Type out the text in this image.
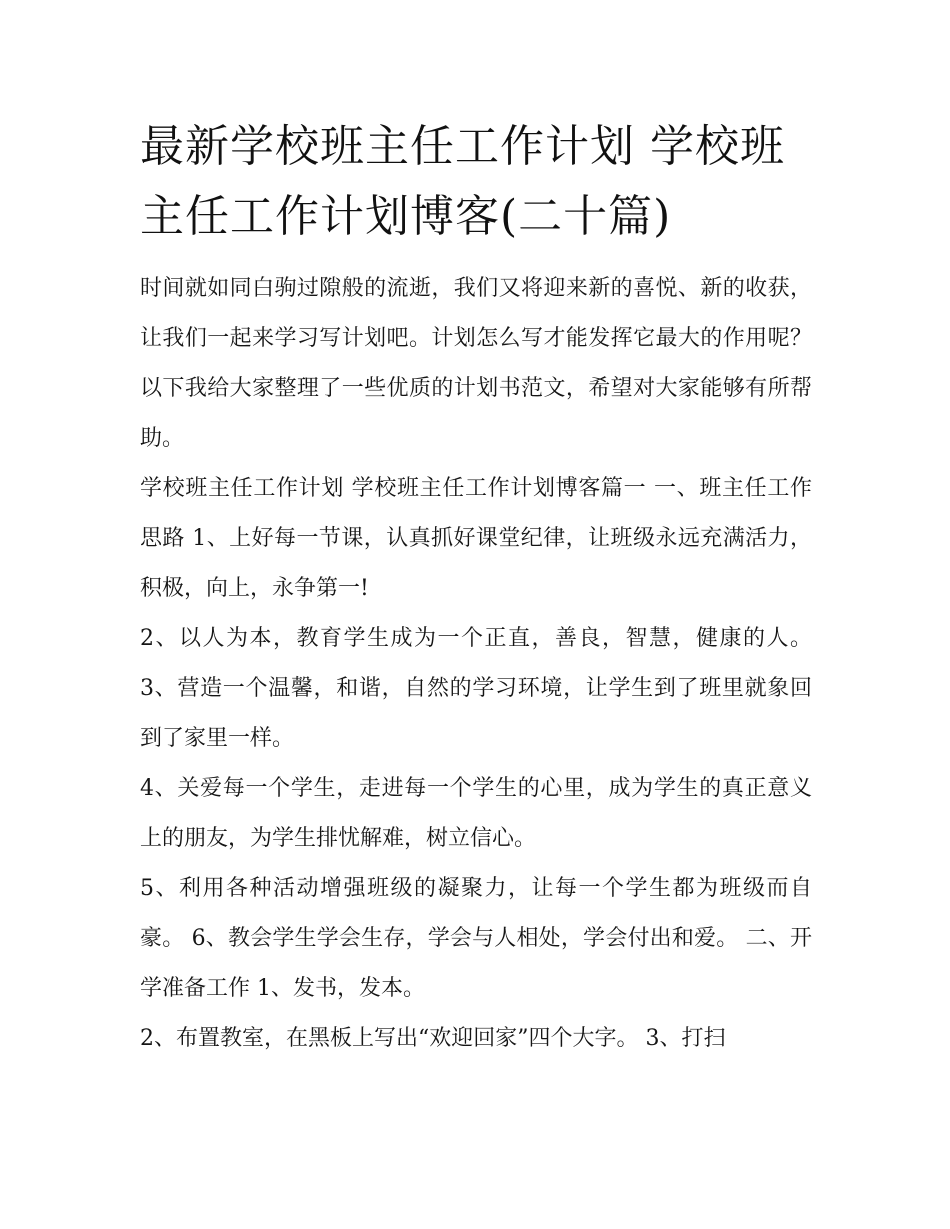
最新学校班主任工作计划 学校班主任工作计划博客(二十篇)

时间就如同白驹过隙般的流逝，我们又将迎来新的喜悦、新的收获，让我们一起来学习写计划吧。计划怎么写才能发挥它最大的作用呢？以下我给大家整理了一些优质的计划书范文，希望对大家能够有所帮助。

学校班主任工作计划 学校班主任工作计划博客篇一 一、班主任工作思路 1、上好每一节课，认真抓好课堂纪律，让班级永远充满活力，积极，向上，永争第一!

2、以人为本，教育学生成为一个正直，善良，智慧，健康的人。 3、营造一个温馨，和谐，自然的学习环境，让学生到了班里就象回到了家里一样。

4、关爱每一个学生，走进每一个学生的心里，成为学生的真正意义上的朋友，为学生排忧解难，树立信心。

5、利用各种活动增强班级的凝聚力，让每一个学生都为班级而自豪。 6、教会学生学会生存，学会与人相处，学会付出和爱。 二、开学准备工作 1、发书，发本。

2、布置教室，在黑板上写出“欢迎回家”四个大字。 3、打扫
